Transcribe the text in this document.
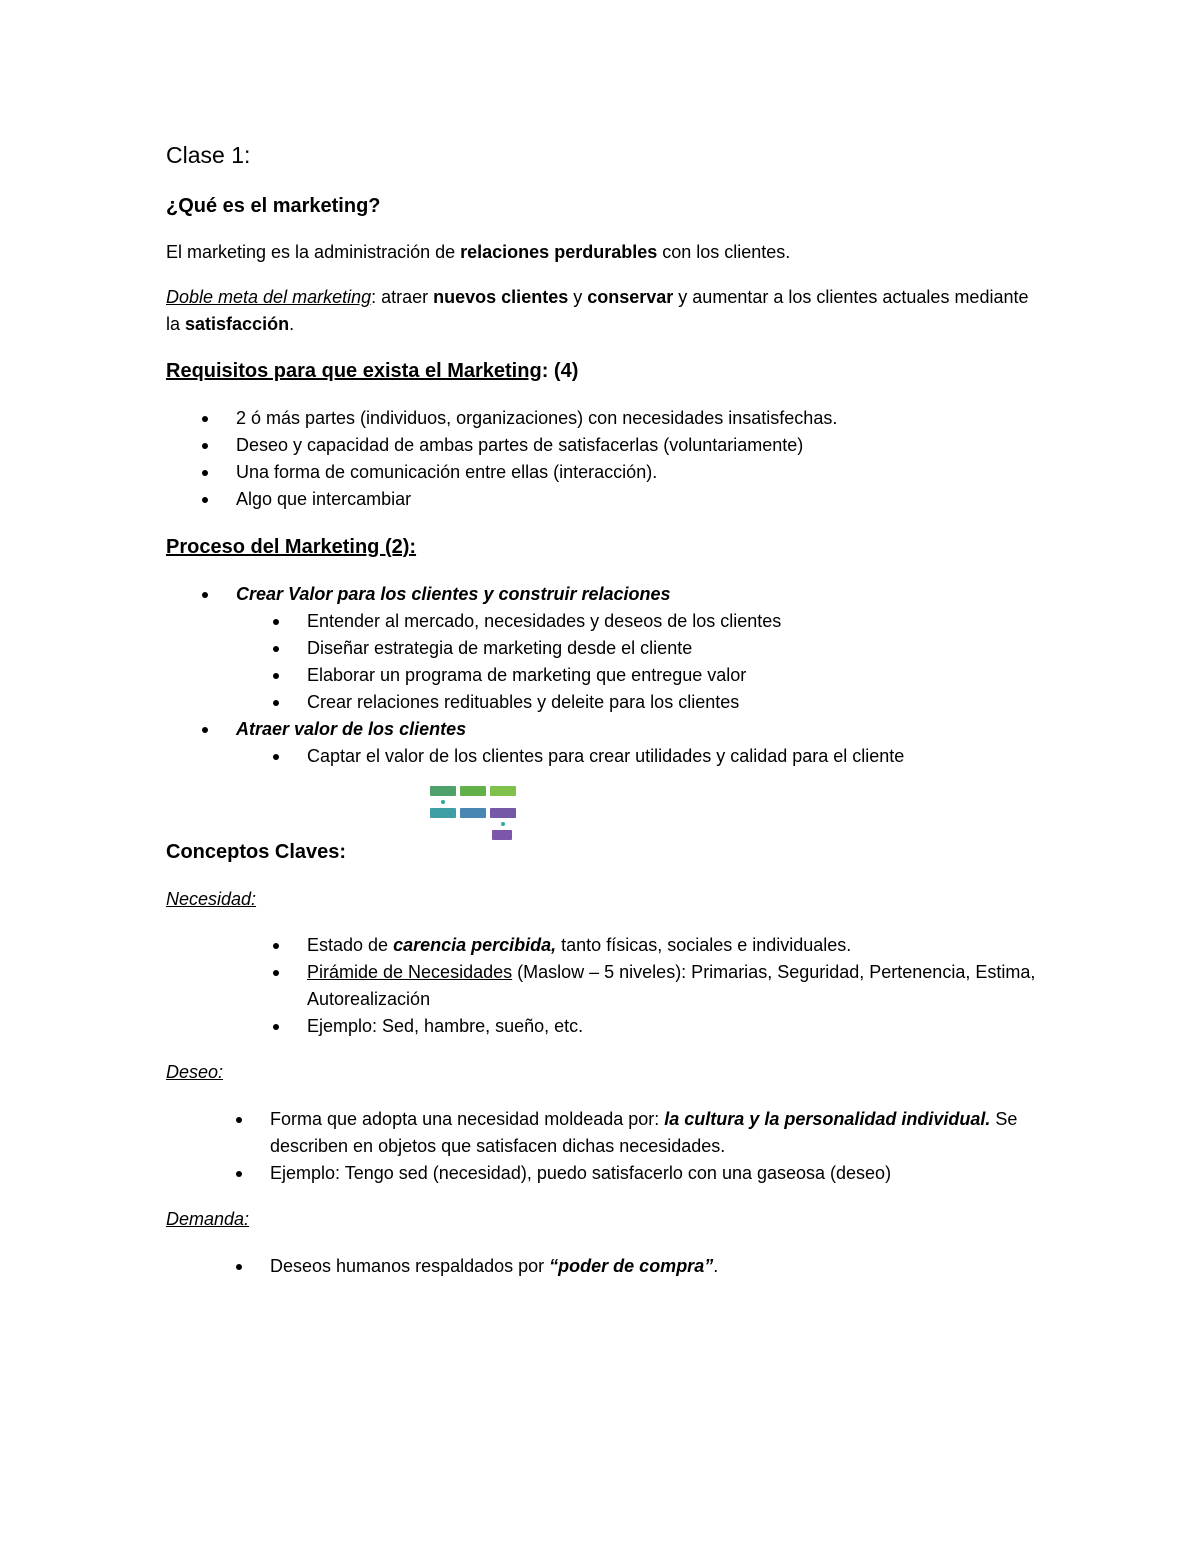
Clase 1:

¿Qué es el marketing?

El marketing es la administración de relaciones perdurables con los clientes.

Doble meta del marketing: atraer nuevos clientes y conservar y aumentar a los clientes actuales mediante la satisfacción.

Requisitos para que exista el Marketing: (4)

2 ó más partes (individuos, organizaciones) con necesidades insatisfechas.
Deseo y capacidad de ambas partes de satisfacerlas (voluntariamente)
Una forma de comunicación entre ellas (interacción).
Algo que intercambiar

Proceso del Marketing (2):

Crear Valor para los clientes y construir relaciones
Entender al mercado, necesidades y deseos de los clientes
Diseñar estrategia de marketing desde el cliente
Elaborar un programa de marketing que entregue valor
Crear relaciones redituables y deleite para los clientes
Atraer valor de los clientes
Captar el valor de los clientes para crear utilidades y calidad para el cliente

Conceptos Claves:

Necesidad:

Estado de carencia percibida, tanto físicas, sociales e individuales.
Pirámide de Necesidades (Maslow – 5 niveles): Primarias, Seguridad, Pertenencia, Estima, Autorealización
Ejemplo: Sed, hambre, sueño, etc.

Deseo:

Forma que adopta una necesidad moldeada por: la cultura y la personalidad individual. Se describen en objetos que satisfacen dichas necesidades.
Ejemplo: Tengo sed (necesidad), puedo satisfacerlo con una gaseosa (deseo)

Demanda:

Deseos humanos respaldados por “poder de compra”.
